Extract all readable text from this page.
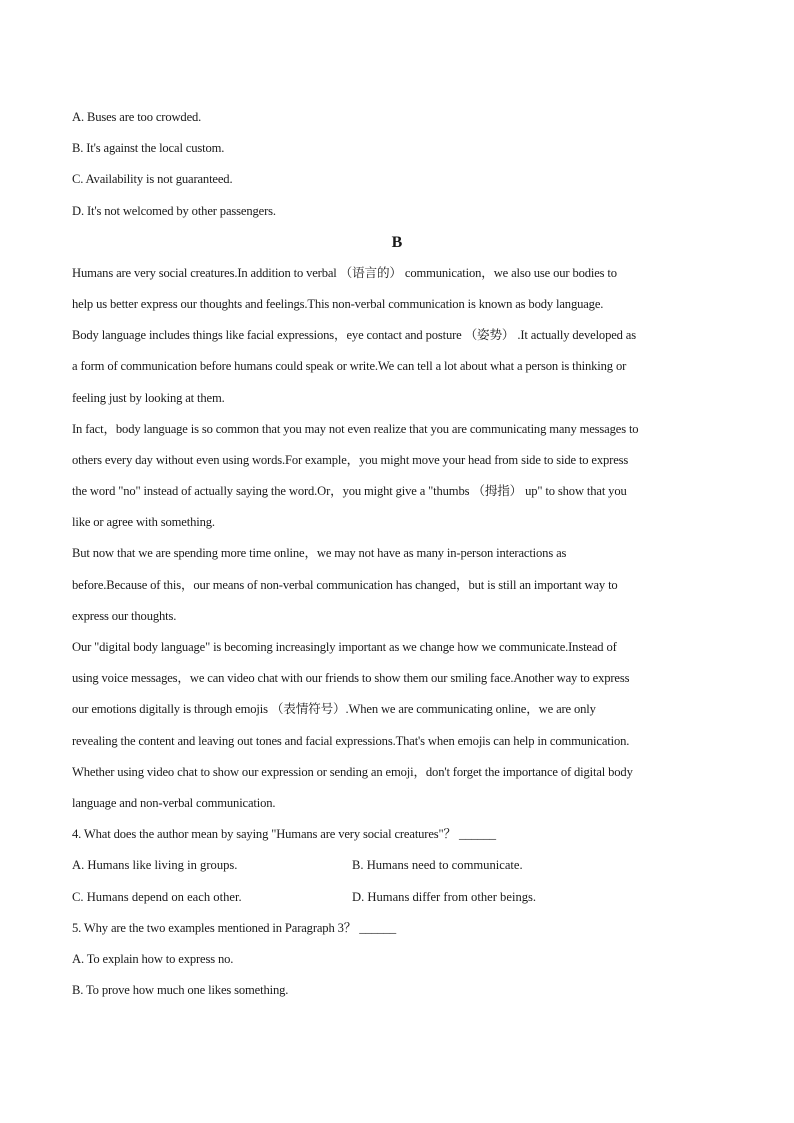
A. Buses are too crowded.
B. It's against the local custom.
C. Availability is not guaranteed.
D. It's not welcomed by other passengers.
B
Humans are very social creatures.In addition to verbal （语言的） communication，we also use our bodies to
help us better express our thoughts and feelings.This non-verbal communication is known as body language.
Body language includes things like facial expressions，eye contact and posture （姿势） .It actually developed as
a form of communication before humans could speak or write.We can tell a lot about what a person is thinking or
feeling just by looking at them.
In fact，body language is so common that you may not even realize that you are communicating many messages to
others every day without even using words.For example，you might move your head from side to side to express
the word "no" instead of actually saying the word.Or，you might give a "thumbs （拇指） up" to show that you
like or agree with something.
But now that we are spending more time online，we may not have as many in-person interactions as
before.Because of this，our means of non-verbal communication has changed，but is still an important way to
express our thoughts.
Our "digital body language" is becoming increasingly important as we change how we communicate.Instead of
using voice messages，we can video chat with our friends to show them our smiling face.Another way to express
our emotions digitally is through emojis （表情符号）.When we are communicating online，we are only
revealing the content and leaving out tones and facial expressions.That's when emojis can help in communication.
Whether using video chat to show our expression or sending an emoji，don't forget the importance of digital body
language and non-verbal communication.
4. What does the author mean by saying "Humans are very social creatures"？ ______
A. Humans like living in groups.	B. Humans need to communicate.
C. Humans depend on each other.	D. Humans differ from other beings.
5. Why are the two examples mentioned in Paragraph 3？ ______
A. To explain how to express no.
B. To prove how much one likes something.
